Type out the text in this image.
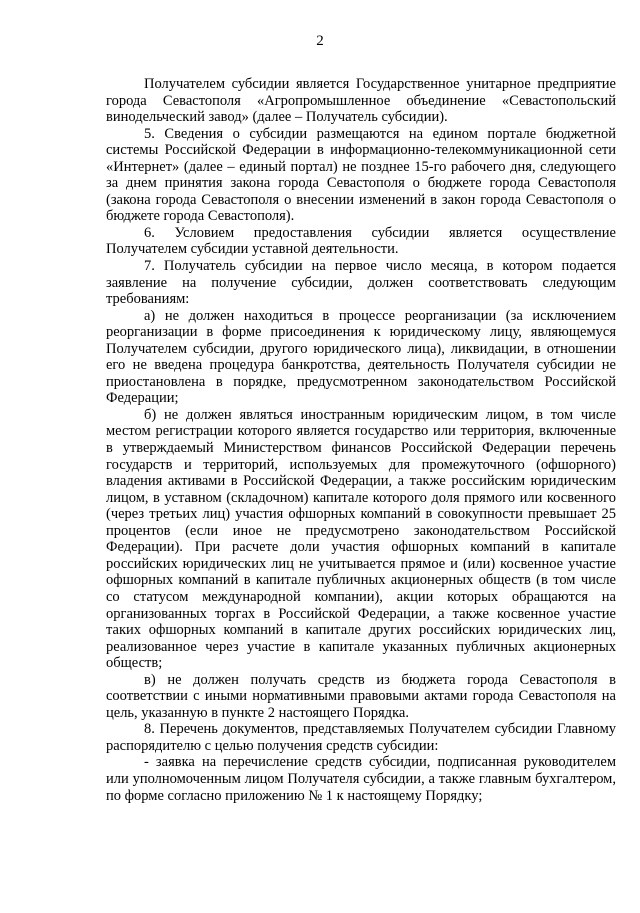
2

Получателем субсидии является Государственное унитарное предприятие города Севастополя «Агропромышленное объединение «Севастопольский винодельческий завод» (далее – Получатель субсидии).

5. Сведения о субсидии размещаются на едином портале бюджетной системы Российской Федерации в информационно-телекоммуникационной сети «Интернет» (далее – единый портал) не позднее 15-го рабочего дня, следующего за днем принятия закона города Севастополя о бюджете города Севастополя (закона города Севастополя о внесении изменений в закон города Севастополя о бюджете города Севастополя).

6. Условием предоставления субсидии является осуществление Получателем субсидии уставной деятельности.

7. Получатель субсидии на первое число месяца, в котором подается заявление на получение субсидии, должен соответствовать следующим требованиям:

а) не должен находиться в процессе реорганизации (за исключением реорганизации в форме присоединения к юридическому лицу, являющемуся Получателем субсидии, другого юридического лица), ликвидации, в отношении его не введена процедура банкротства, деятельность Получателя субсидии не приостановлена в порядке, предусмотренном законодательством Российской Федерации;

б) не должен являться иностранным юридическим лицом, в том числе местом регистрации которого является государство или территория, включенные в утверждаемый Министерством финансов Российской Федерации перечень государств и территорий, используемых для промежуточного (офшорного) владения активами в Российской Федерации, а также российским юридическим лицом, в уставном (складочном) капитале которого доля прямого или косвенного (через третьих лиц) участия офшорных компаний в совокупности превышает 25 процентов (если иное не предусмотрено законодательством Российской Федерации). При расчете доли участия офшорных компаний в капитале российских юридических лиц не учитывается прямое и (или) косвенное участие офшорных компаний в капитале публичных акционерных обществ (в том числе со статусом международной компании), акции которых обращаются на организованных торгах в Российской Федерации, а также косвенное участие таких офшорных компаний в капитале других российских юридических лиц, реализованное через участие в капитале указанных публичных акционерных обществ;

в) не должен получать средств из бюджета города Севастополя в соответствии с иными нормативными правовыми актами города Севастополя на цель, указанную в пункте 2 настоящего Порядка.

8. Перечень документов, представляемых Получателем субсидии Главному распорядителю с целью получения средств субсидии:

- заявка на перечисление средств субсидии, подписанная руководителем или уполномоченным лицом Получателя субсидии, а также главным бухгалтером, по форме согласно приложению № 1 к настоящему Порядку;
